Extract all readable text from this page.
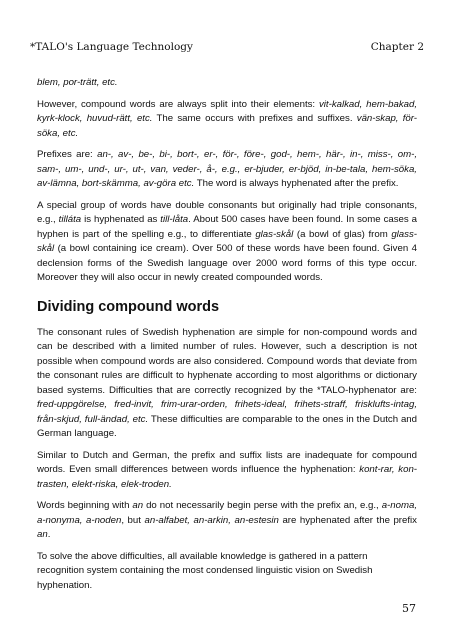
*TALO's Language Technology	Chapter 2

blem, por-trätt, etc.

However, compound words are always split into their elements: vit-kalkad, hem-bakad, kyrk-klock, huvud-rätt, etc. The same occurs with prefixes and suffixes. vän-skap, för-söka, etc.

Prefixes are: an-, av-, be-, bi-, bort-, er-, för-, före-, god-, hem-, här-, in-, miss-, om-, sam-, um-, und-, ur-, ut-, van, veder-, å-, e.g., er-bjuder, er-bjöd, in-be-tala, hem-söka, av-lämna, bort-skämma, av-göra etc. The word is always hyphenated after the prefix.

A special group of words have double consonants but originally had triple consonants, e.g., tilláta is hyphenated as till-låta. About 500 cases have been found. In some cases a hyphen is part of the spelling e.g., to differentiate glas-skål (a bowl of glas) from glass-skål (a bowl containing ice cream). Over 500 of these words have been found. Given 4 declension forms of the Swedish language over 2000 word forms of this type occur. Moreover they will also occur in newly created compounded words.

Dividing compound words

The consonant rules of Swedish hyphenation are simple for non-compound words and can be described with a limited number of rules. However, such a description is not possible when compound words are also considered. Compound words that deviate from the consonant rules are difficult to hyphenate according to most algorithms or dictionary based systems. Difficulties that are correctly recognized by the *TALO-hyphenator are: fred-uppgörelse, fred-invit, frim-urar-orden, frihets-ideal, frihets-straff, frisklufts-intag, från-skjud, full-ändad, etc. These difficulties are comparable to the ones in the Dutch and German language.

Similar to Dutch and German, the prefix and suffix lists are inadequate for compound words. Even small differences between words influence the hyphenation: kont-rar, kon-trasten, elekt-riska, elek-troden.

Words beginning with an do not necessarily begin perse with the prefix an, e.g., a-noma, a-nonyma, a-noden, but an-alfabet, an-arkin, an-estesin are hyphenated after the prefix an.

To solve the above difficulties, all available knowledge is gathered in a pattern recognition system containing the most condensed linguistic vision on Swedish hyphenation.

57
